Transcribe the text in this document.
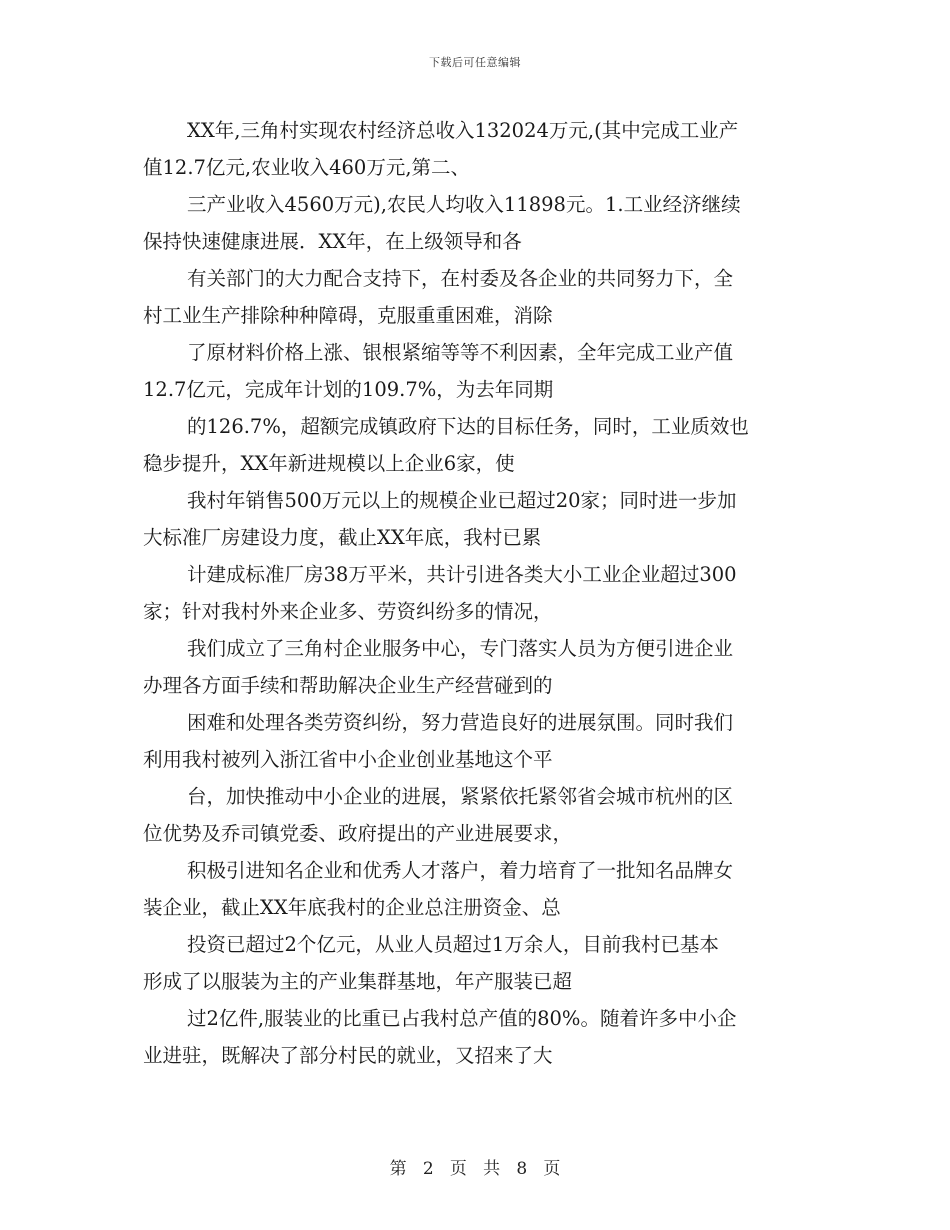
下载后可任意编辑
XX年,三角村实现农村经济总收入132024万元,(其中完成工业产
值12.7亿元,农业收入460万元,第二、
三产业收入4560万元),农民人均收入11898元。1.工业经济继续
保持快速健康进展．XX年，在上级领导和各
有关部门的大力配合支持下，在村委及各企业的共同努力下，全
村工业生产排除种种障碍，克服重重困难，消除
了原材料价格上涨、银根紧缩等等不利因素，全年完成工业产值
12.7亿元，完成年计划的109.7%，为去年同期
的126.7%，超额完成镇政府下达的目标任务，同时，工业质效也
稳步提升，XX年新进规模以上企业6家，使
我村年销售500万元以上的规模企业已超过20家；同时进一步加
大标准厂房建设力度，截止XX年底，我村已累
计建成标准厂房38万平米，共计引进各类大小工业企业超过300
家；针对我村外来企业多、劳资纠纷多的情况，
我们成立了三角村企业服务中心，专门落实人员为方便引进企业
办理各方面手续和帮助解决企业生产经营碰到的
困难和处理各类劳资纠纷，努力营造良好的进展氛围。同时我们
利用我村被列入浙江省中小企业创业基地这个平
台，加快推动中小企业的进展，紧紧依托紧邻省会城市杭州的区
位优势及乔司镇党委、政府提出的产业进展要求，
积极引进知名企业和优秀人才落户，着力培育了一批知名品牌女
装企业，截止XX年底我村的企业总注册资金、总
投资已超过2个亿元，从业人员超过1万余人，目前我村已基本
形成了以服装为主的产业集群基地，年产服装已超
过2亿件,服装业的比重已占我村总产值的80%。随着许多中小企
业进驻，既解决了部分村民的就业，又招来了大
第 2 页 共 8 页
